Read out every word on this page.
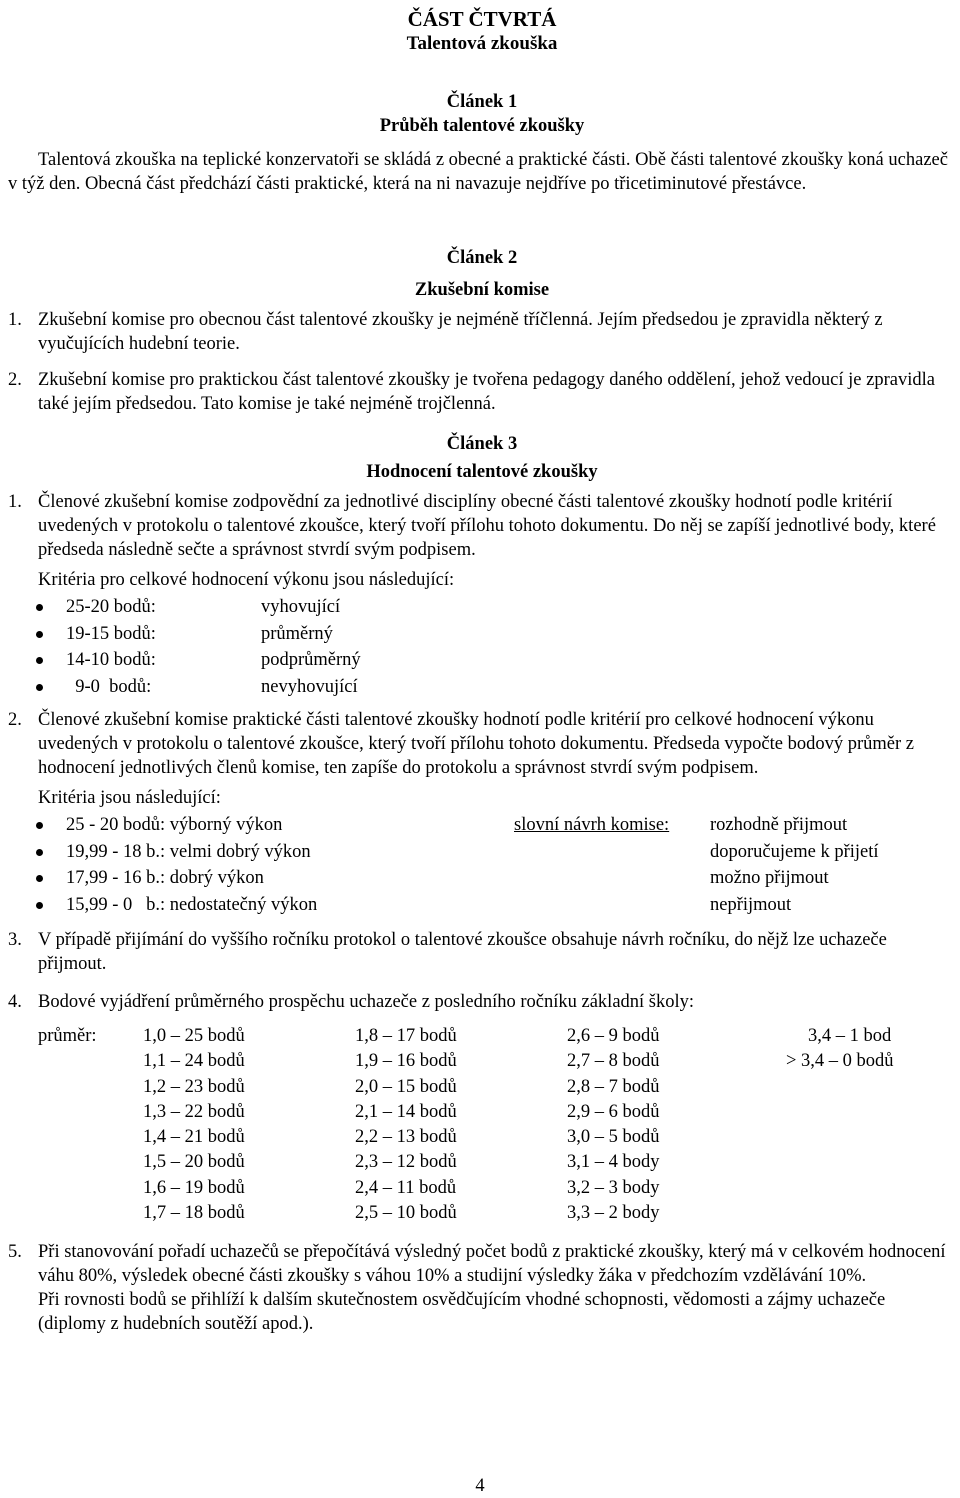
ČÁST ČTVRTÁ
Talentová zkouška
Článek 1
Průběh talentové zkoušky

Talentová zkouška na teplické konzervatoři se skládá z obecné a praktické části. Obě části talentové zkoušky koná uchazeč v týž den. Obecná část předchází části praktické, která na ni navazuje nejdříve po třicetiminutové přestávce.

Článek 2
Zkušební komise
1. Zkušební komise pro obecnou část talentové zkoušky je nejméně tříčlenná. Jejím předsedou je zpravidla některý z vyučujících hudební teorie.
2. Zkušební komise pro praktickou část talentové zkoušky je tvořena pedagogy daného oddělení, jehož vedoucí je zpravidla také jejím předsedou. Tato komise je také nejméně trojčlenná.
Článek 3
Hodnocení talentové zkoušky
1. Členové zkušební komise zodpovědní za jednotlivé disciplíny obecné části talentové zkoušky hodnotí podle kritérií uvedených v protokolu o talentové zkoušce, který tvoří přílohu tohoto dokumentu. Do něj se zapíší jednotlivé body, které předseda následně sečte a správnost stvrdí svým podpisem.
Kritéria pro celkové hodnocení výkonu jsou následující:
25-20 bodů:	vyhovující
19-15 bodů:	průměrný
14-10 bodů:	podprůměrný
9-0  bodů:	nevyhovující
2. Členové zkušební komise praktické části talentové zkoušky hodnotí podle kritérií pro celkové hodnocení výkonu uvedených v protokolu o talentové zkoušce, který tvoří přílohu tohoto dokumentu. Předseda vypočte bodový průměr z hodnocení jednotlivých členů komise, ten zapíše do protokolu a správnost stvrdí svým podpisem.
Kritéria jsou následující:
25 - 20 bodů: výborný výkon	slovní návrh komise:	rozhodně přijmout
19,99 - 18 b.: velmi dobrý výkon	doporučujeme k přijetí
17,99 - 16 b.: dobrý výkon	možno přijmout
15,99 - 0   b.: nedostatečný výkon	nepřijmout
3. V případě přijímání do vyššího ročníku protokol o talentové zkoušce obsahuje návrh ročníku, do nějž lze uchazeče přijmout.
4. Bodové vyjádření průměrného prospěchu uchazeče z posledního ročníku základní školy:
průměr:	1,0 – 25 bodů	1,8 – 17 bodů	2,6 – 9 bodů	3,4 – 1 bod
1,1 – 24 bodů	1,9 – 16 bodů	2,7 – 8 bodů	> 3,4 – 0 bodů
1,2 – 23 bodů	2,0 – 15 bodů	2,8 – 7 bodů
1,3 – 22 bodů	2,1 – 14 bodů	2,9 – 6 bodů
1,4 – 21 bodů	2,2 – 13 bodů	3,0 – 5 bodů
1,5 – 20 bodů	2,3 – 12 bodů	3,1 – 4 body
1,6 – 19 bodů	2,4 – 11 bodů	3,2 – 3 body
1,7 – 18 bodů	2,5 – 10 bodů	3,3 – 2 body
5. Při stanovování pořadí uchazečů se přepočítává výsledný počet bodů z praktické zkoušky, který má v celkovém hodnocení váhu 80%, výsledek obecné části zkoušky s váhou 10% a studijní výsledky žáka v předchozím vzdělávání 10%.
Při rovnosti bodů se přihlíží k dalším skutečnostem osvědčujícím vhodné schopnosti, vědomosti a zájmy uchazeče (diplomy z hudebních soutěží apod.).
4
